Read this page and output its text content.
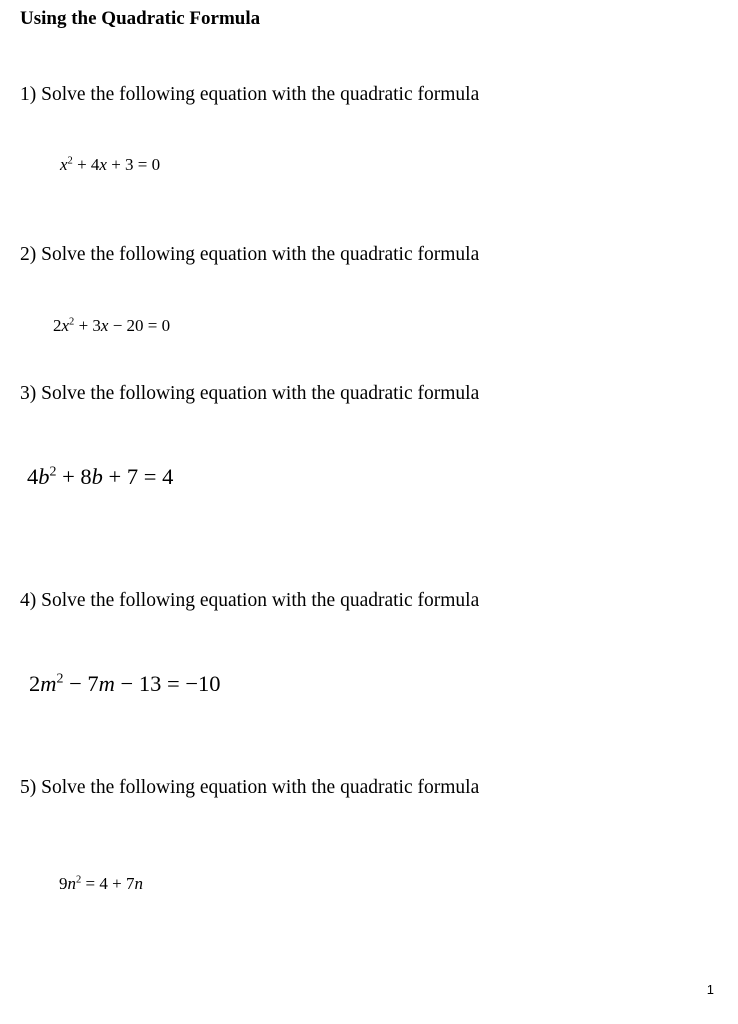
Using the Quadratic Formula
1) Solve the following equation with the quadratic formula
$x^2 + 4x + 3 = 0$
2) Solve the following equation with the quadratic formula
$2x^2 + 3x - 20 = 0$
3) Solve the following equation with the quadratic formula
$4b^2 + 8b + 7 = 4$
4) Solve the following equation with the quadratic formula
$2m^2 - 7m - 13 = -10$
5) Solve the following equation with the quadratic formula
$9n^2 = 4 + 7n$
1
